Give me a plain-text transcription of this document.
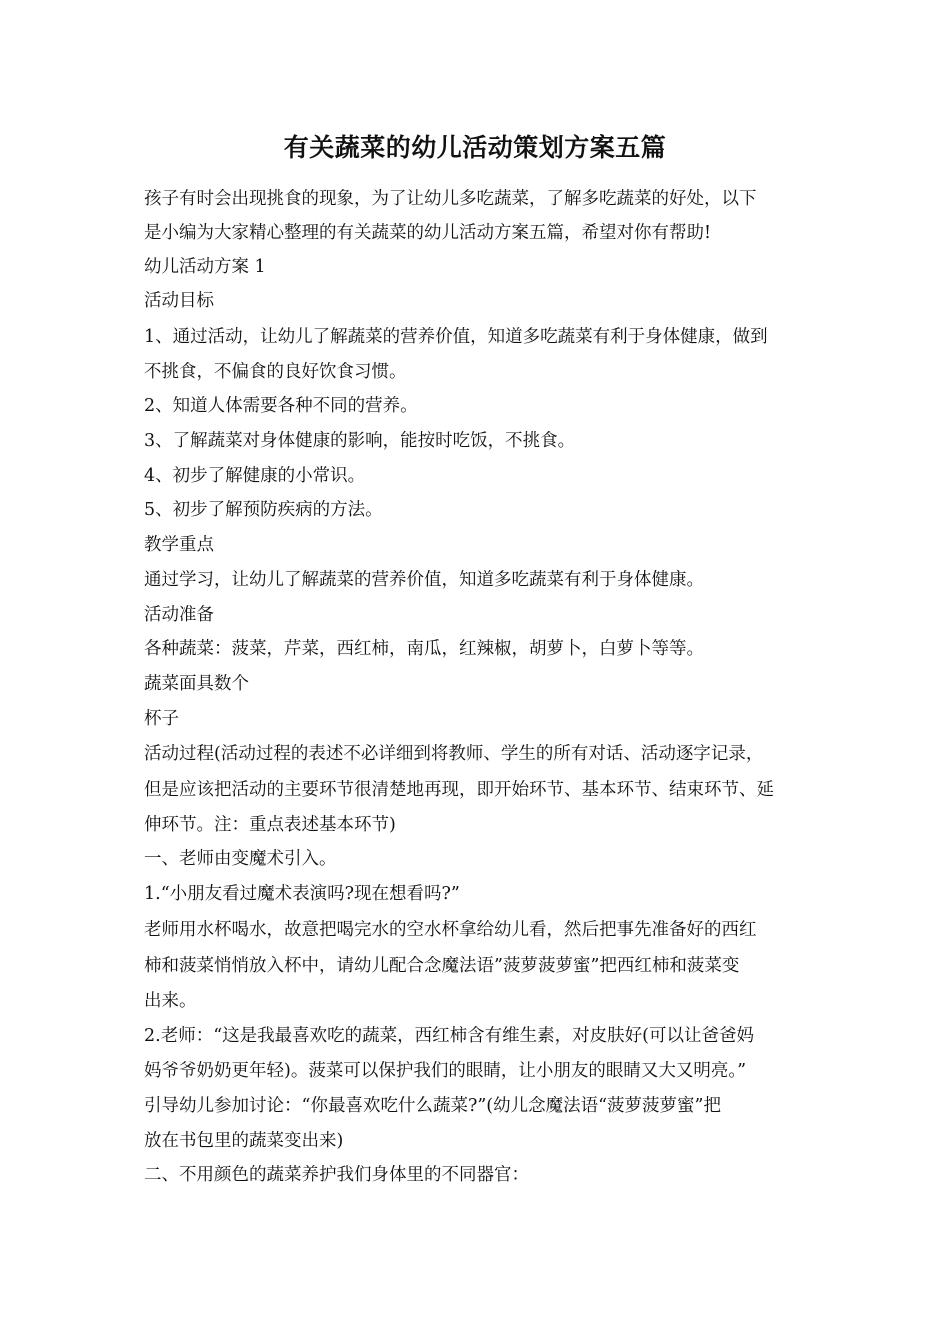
有关蔬菜的幼儿活动策划方案五篇
孩子有时会出现挑食的现象，为了让幼儿多吃蔬菜，了解多吃蔬菜的好处，以下
是小编为大家精心整理的有关蔬菜的幼儿活动方案五篇，希望对你有帮助!
幼儿活动方案 1
活动目标
1、通过活动，让幼儿了解蔬菜的营养价值，知道多吃蔬菜有利于身体健康，做到
不挑食，不偏食的良好饮食习惯。
2、知道人体需要各种不同的营养。
3、了解蔬菜对身体健康的影响，能按时吃饭，不挑食。
4、初步了解健康的小常识。
5、初步了解预防疾病的方法。
教学重点
通过学习，让幼儿了解蔬菜的营养价值，知道多吃蔬菜有利于身体健康。
活动准备
各种蔬菜：菠菜，芹菜，西红柿，南瓜，红辣椒，胡萝卜，白萝卜等等。
蔬菜面具数个
杯子
活动过程(活动过程的表述不必详细到将教师、学生的所有对话、活动逐字记录，
但是应该把活动的主要环节很清楚地再现，即开始环节、基本环节、结束环节、延
伸环节。注：重点表述基本环节)
一、老师由变魔术引入。
1.“小朋友看过魔术表演吗?现在想看吗?”
老师用水杯喝水，故意把喝完水的空水杯拿给幼儿看，然后把事先准备好的西红
柿和菠菜悄悄放入杯中，请幼儿配合念魔法语”菠萝菠萝蜜”把西红柿和菠菜变
出来。
2.老师：“这是我最喜欢吃的蔬菜，西红柿含有维生素，对皮肤好(可以让爸爸妈
妈爷爷奶奶更年轻)。菠菜可以保护我们的眼睛，让小朋友的眼睛又大又明亮。”
引导幼儿参加讨论：“你最喜欢吃什么蔬菜?”(幼儿念魔法语“菠萝菠萝蜜”把
放在书包里的蔬菜变出来)
二、不用颜色的蔬菜养护我们身体里的不同器官：
